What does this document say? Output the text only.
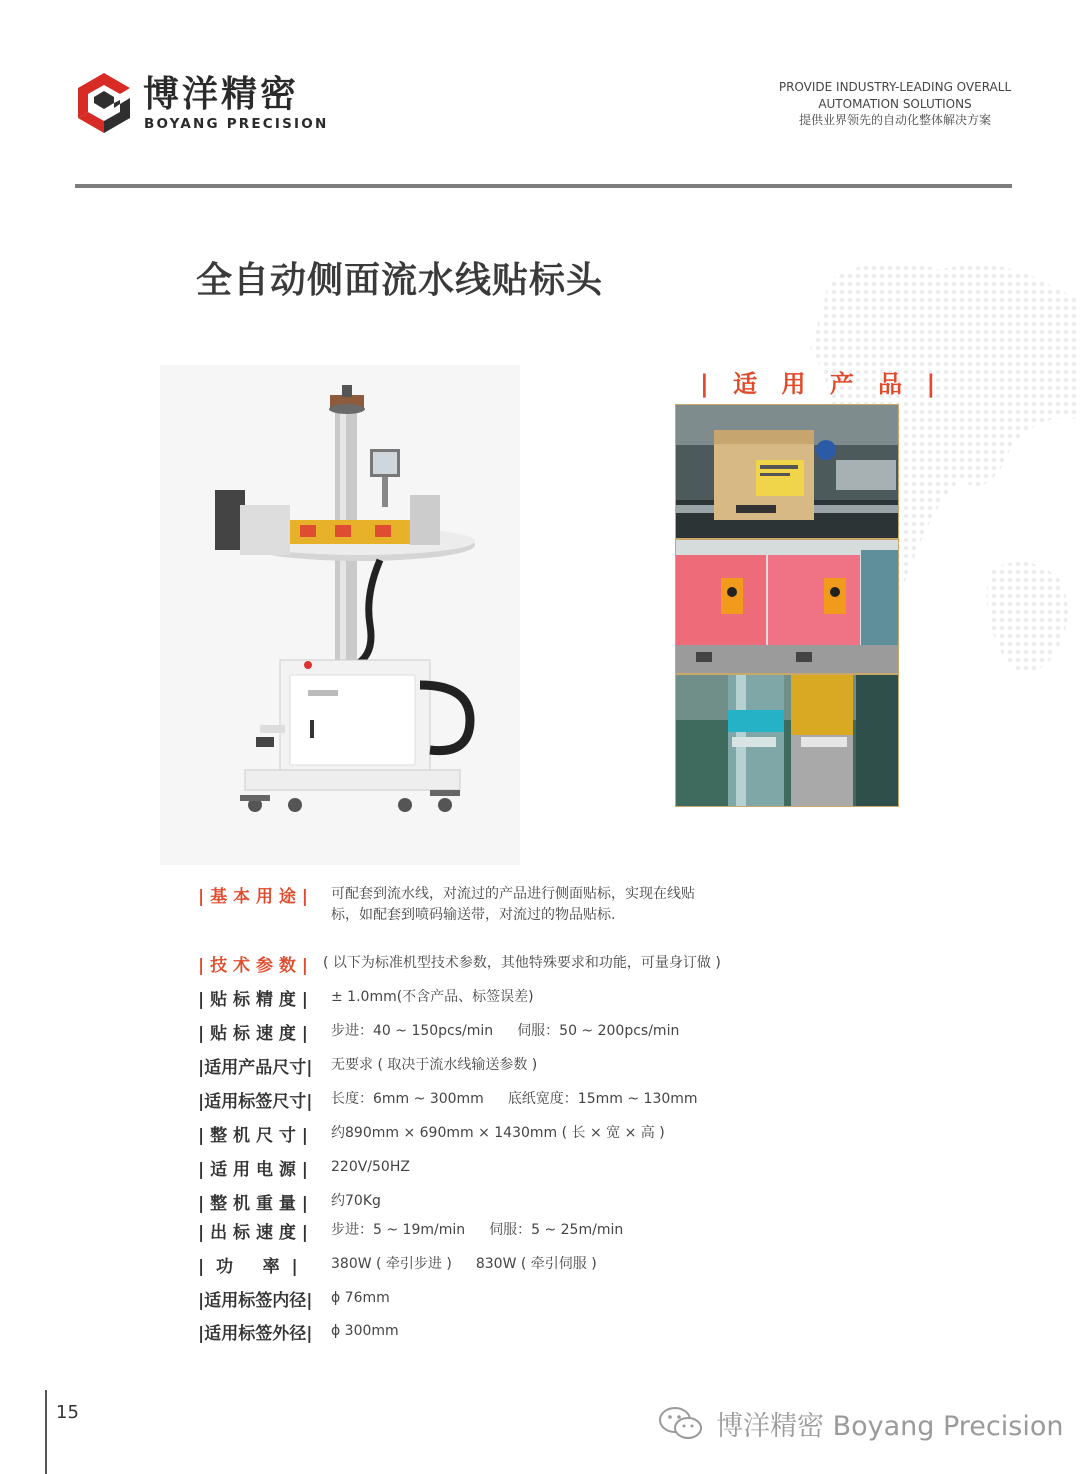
博洋精密
BOYANG PRECISION
PROVIDE INDUSTRY-LEADING OVERALL
AUTOMATION SOLUTIONS
提供业界领先的自动化整体解决方案
全自动侧面流水线贴标头
| 适 用 产 品 |
| 基 本 用 途 |	可配套到流水线，对流过的产品进行侧面贴标，实现在线贴标，如配套到喷码输送带，对流过的物品贴标.
| 技 术 参 数 |	( 以下为标准机型技术参数，其他特殊要求和功能，可量身订做 )
| 贴 标 精 度 |	± 1.0mm(不含产品、标签误差)
| 贴 标 速 度 |	步进：40 ~ 150pcs/min 伺服：50 ~ 200pcs/min
|适用产品尺寸|	无要求 ( 取决于流水线输送参数 )
|适用标签尺寸|	长度：6mm ~ 300mm 底纸宽度：15mm ~ 130mm
| 整 机 尺 寸 |	约890mm × 690mm × 1430mm ( 长 × 宽 × 高 )
| 适 用 电 源 |	220V/50HZ
| 整 机 重 量 |	约70Kg
| 出 标 速 度 |	步进：5 ~ 19m/min 伺服：5 ~ 25m/min
|  功     率  |	380W ( 牵引步进 ) 830W ( 牵引伺服 )
|适用标签内径|	ϕ 76mm
|适用标签外径|	ϕ 300mm
15	博洋精密 Boyang Precision
